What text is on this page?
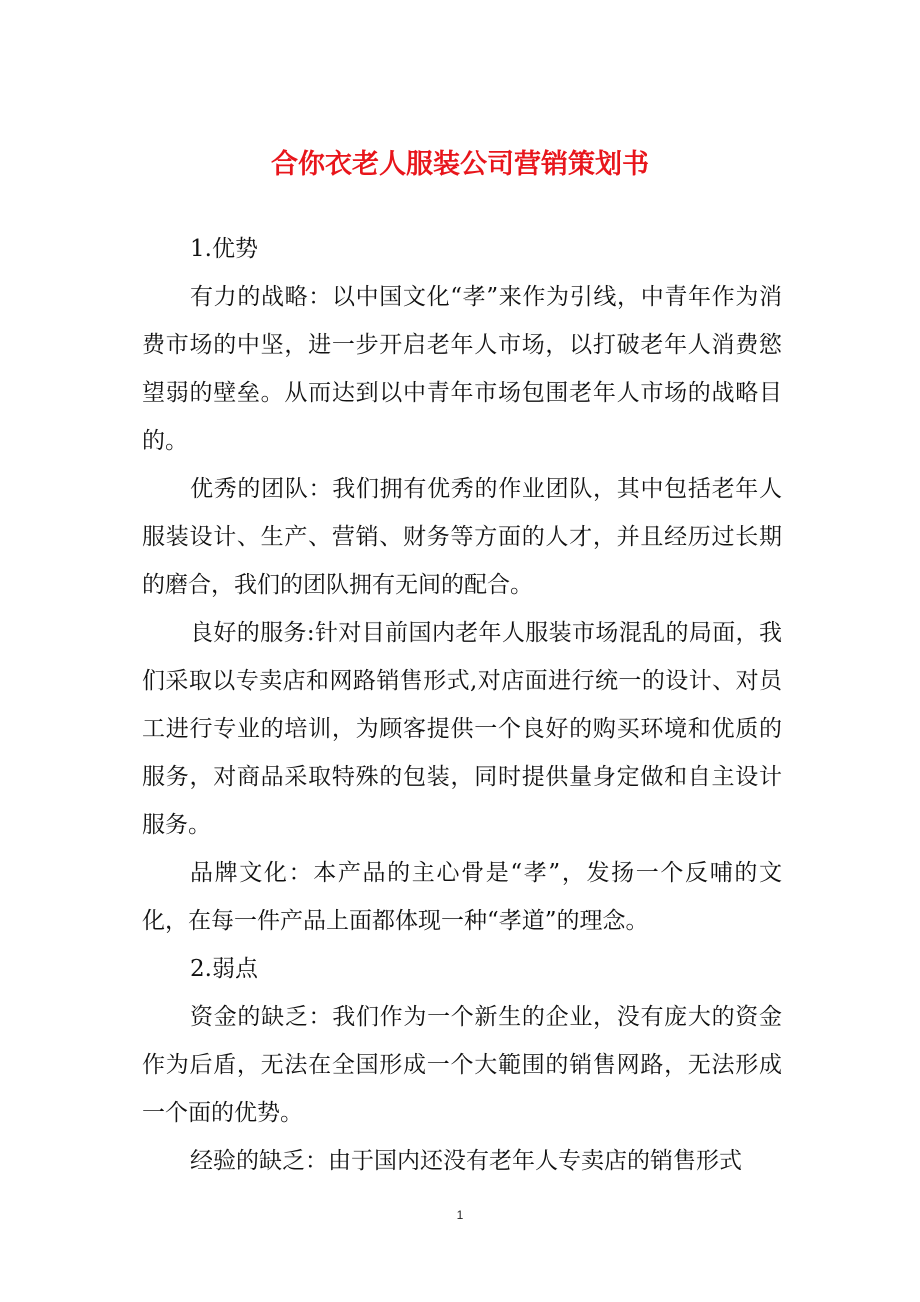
合你衣老人服装公司营销策划书

1.优势

有力的战略：以中国文化“孝”来作为引线，中青年作为消费市场的中坚，进一步开启老年人市场，以打破老年人消费慾望弱的壁垒。从而达到以中青年市场包围老年人市场的战略目的。

优秀的团队：我们拥有优秀的作业团队，其中包括老年人服装设计、生产、营销、财务等方面的人才，并且经历过长期的磨合，我们的团队拥有无间的配合。

良好的服务:针对目前国内老年人服装市场混乱的局面，我们采取以专卖店和网路销售形式,对店面进行统一的设计、对员工进行专业的培训，为顾客提供一个良好的购买环境和优质的服务，对商品采取特殊的包装，同时提供量身定做和自主设计服务。

品牌文化：本产品的主心骨是“孝”，发扬一个反哺的文化，在每一件产品上面都体现一种“孝道”的理念。

2.弱点

资金的缺乏：我们作为一个新生的企业，没有庞大的资金作为后盾，无法在全国形成一个大範围的销售网路，无法形成一个面的优势。

经验的缺乏：由于国内还没有老年人专卖店的销售形式

1
